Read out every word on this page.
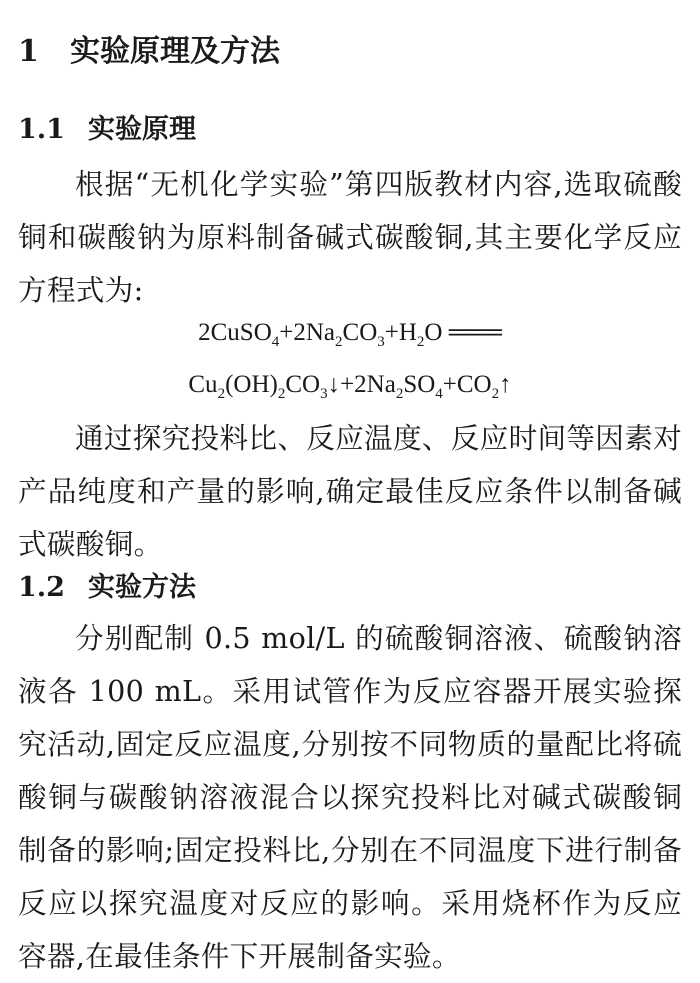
1 实验原理及方法
1.1 实验原理
根据“无机化学实验”第四版教材内容,选取硫酸铜和碳酸钠为原料制备碱式碳酸铜,其主要化学反应方程式为:
$2CuSO_4+2Na_2CO_3+H_2O$ ═══
$Cu_2(OH)_2CO_3↓+2Na_2SO_4+CO_2↑$
通过探究投料比、反应温度、反应时间等因素对产品纯度和产量的影响,确定最佳反应条件以制备碱式碳酸铜。
1.2 实验方法
分别配制 0.5 mol/L 的硫酸铜溶液、硫酸钠溶液各 100 mL。采用试管作为反应容器开展实验探究活动,固定反应温度,分别按不同物质的量配比将硫酸铜与碳酸钠溶液混合以探究投料比对碱式碳酸铜制备的影响;固定投料比,分别在不同温度下进行制备反应以探究温度对反应的影响。采用烧杯作为反应容器,在最佳条件下开展制备实验。
